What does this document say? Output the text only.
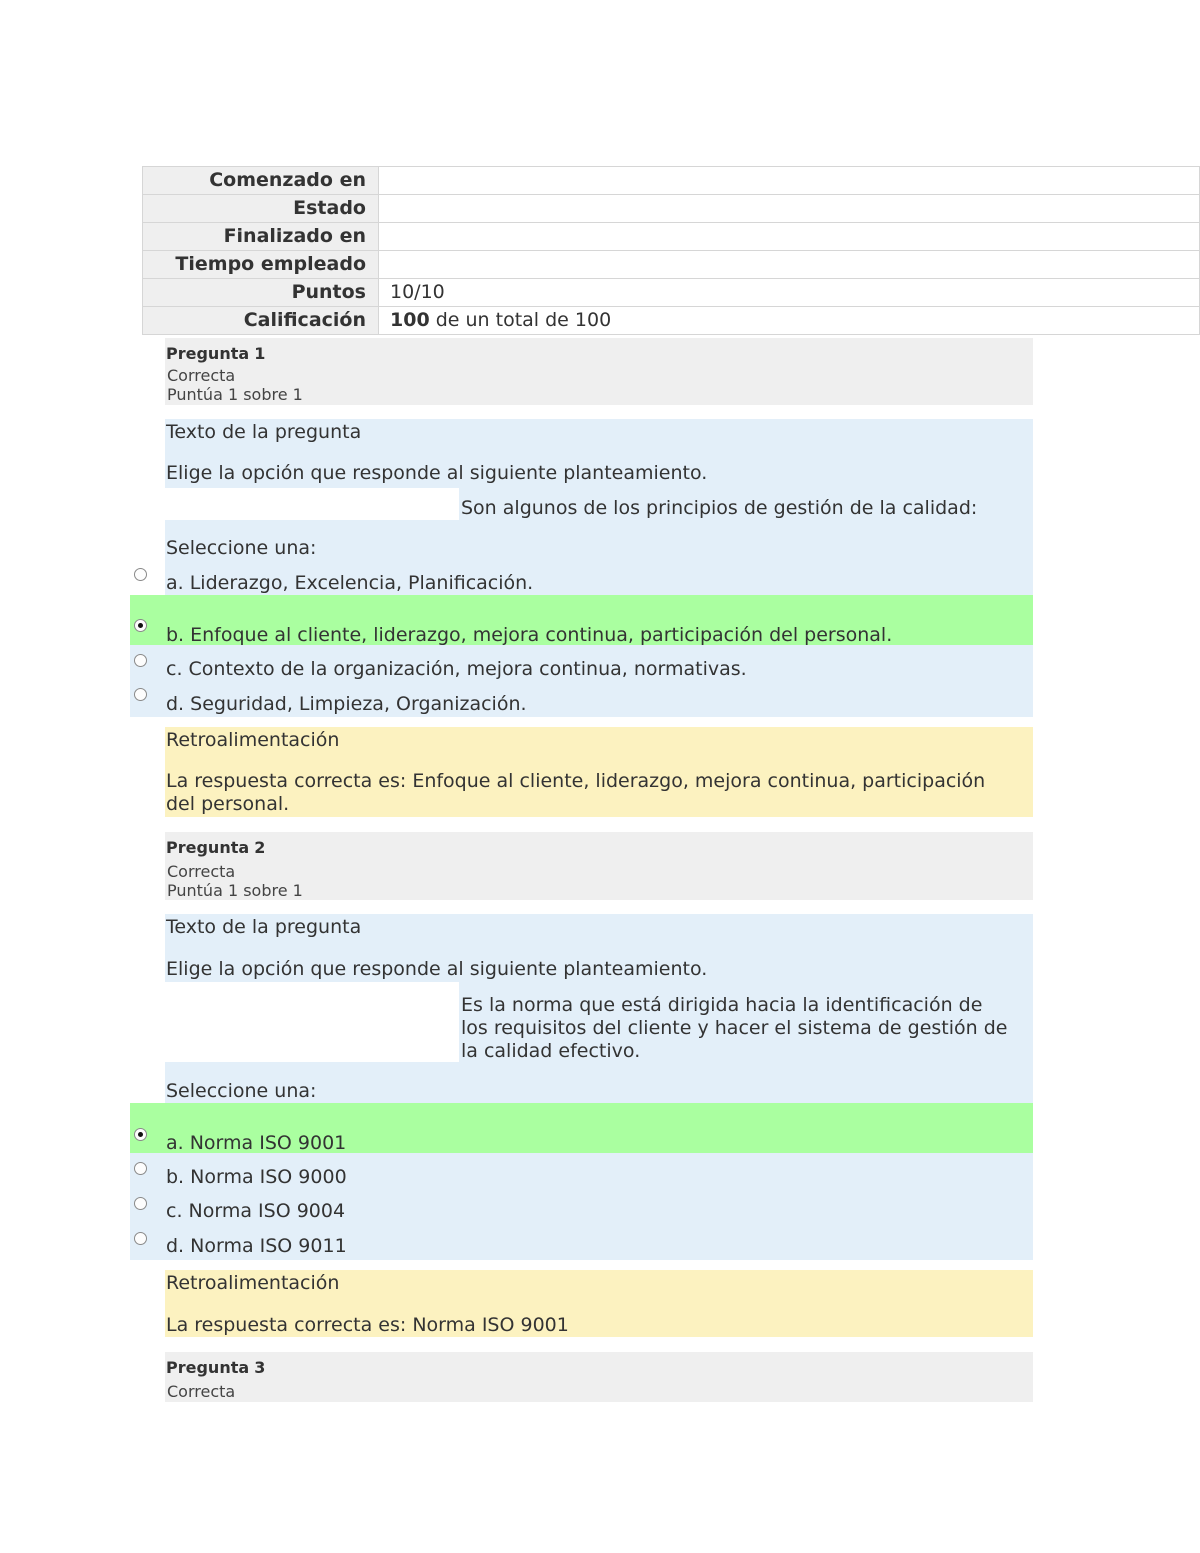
Comenzado en	
Estado	
Finalizado en	
Tiempo empleado	
Puntos	10/10
Calificación	100 de un total de 100
Pregunta 1
Correcta
Puntúa 1 sobre 1
Texto de la pregunta
Elige la opción que responde al siguiente planteamiento.
Son algunos de los principios de gestión de la calidad:
Seleccione una:
a. Liderazgo, Excelencia, Planificación.
b. Enfoque al cliente, liderazgo, mejora continua, participación del personal.
c. Contexto de la organización, mejora continua, normativas.
d. Seguridad, Limpieza, Organización.
Retroalimentación
La respuesta correcta es: Enfoque al cliente, liderazgo, mejora continua, participación del personal.
Pregunta 2
Correcta
Puntúa 1 sobre 1
Texto de la pregunta
Elige la opción que responde al siguiente planteamiento.
Es la norma que está dirigida hacia la identificación de los requisitos del cliente y hacer el sistema de gestión de la calidad efectivo.
Seleccione una:
a. Norma ISO 9001
b. Norma ISO 9000
c. Norma ISO 9004
d. Norma ISO 9011
Retroalimentación
La respuesta correcta es: Norma ISO 9001
Pregunta 3
Correcta
